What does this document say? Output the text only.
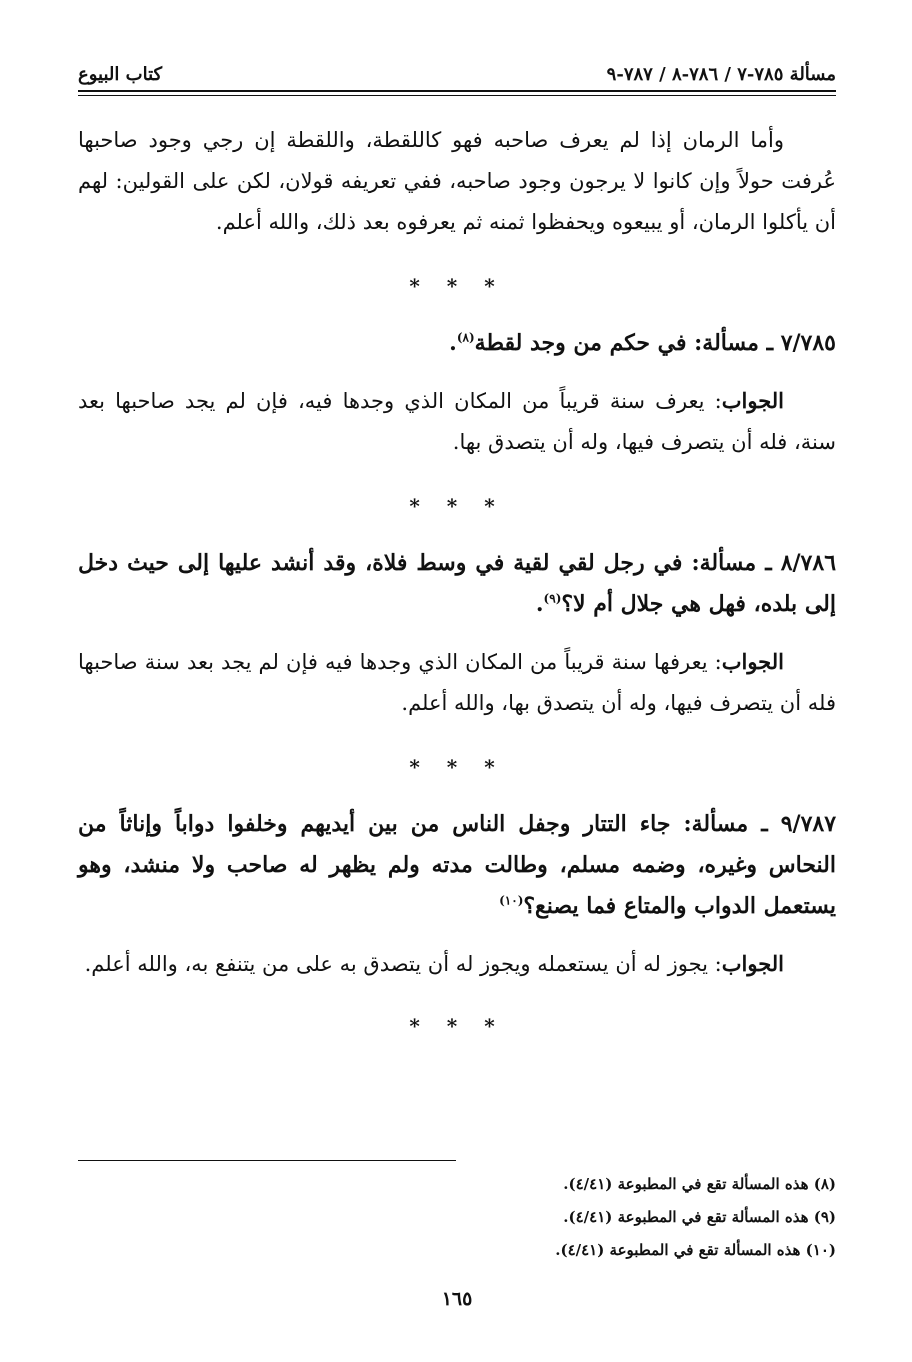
مسألة ٧٨٥-٧ / ٧٨٦-٨ / ٧٨٧-٩
كتاب البيوع

وأما الرمان إذا لم يعرف صاحبه فهو كاللقطة، واللقطة إن رجي وجود صاحبها عُرفت حولاً وإن كانوا لا يرجون وجود صاحبه، ففي تعريفه قولان، لكن على القولين: لهم أن يأكلوا الرمان، أو يبيعوه ويحفظوا ثمنه ثم يعرفوه بعد ذلك، والله أعلم.

* * *

٧/٧٨٥ ـ مسألة: في حكم من وجد لقطة$^{(٨)}$.

الجواب: يعرف سنة قريباً من المكان الذي وجدها فيه، فإن لم يجد صاحبها بعد سنة، فله أن يتصرف فيها، وله أن يتصدق بها.

* * *

٨/٧٨٦ ـ مسألة: في رجل لقي لقية في وسط فلاة، وقد أنشد عليها إلى حيث دخل إلى بلده، فهل هي جلال أم لا؟$^{(٩)}$.

الجواب: يعرفها سنة قريباً من المكان الذي وجدها فيه فإن لم يجد بعد سنة صاحبها فله أن يتصرف فيها، وله أن يتصدق بها، والله أعلم.

* * *

٩/٧٨٧ ـ مسألة: جاء التتار وجفل الناس من بين أيديهم وخلفوا دواباً وإناثاً من النحاس وغيره، وضمه مسلم، وطالت مدته ولم يظهر له صاحب ولا منشد، وهو يستعمل الدواب والمتاع فما يصنع؟$^{(١٠)}$

الجواب: يجوز له أن يستعمله ويجوز له أن يتصدق به على من يتنفع به، والله أعلم.

* * *
(٨) هذه المسألة تقع في المطبوعة (٤/٤١).
(٩) هذه المسألة تقع في المطبوعة (٤/٤١).
(١٠) هذه المسألة تقع في المطبوعة (٤/٤١).
١٦٥
